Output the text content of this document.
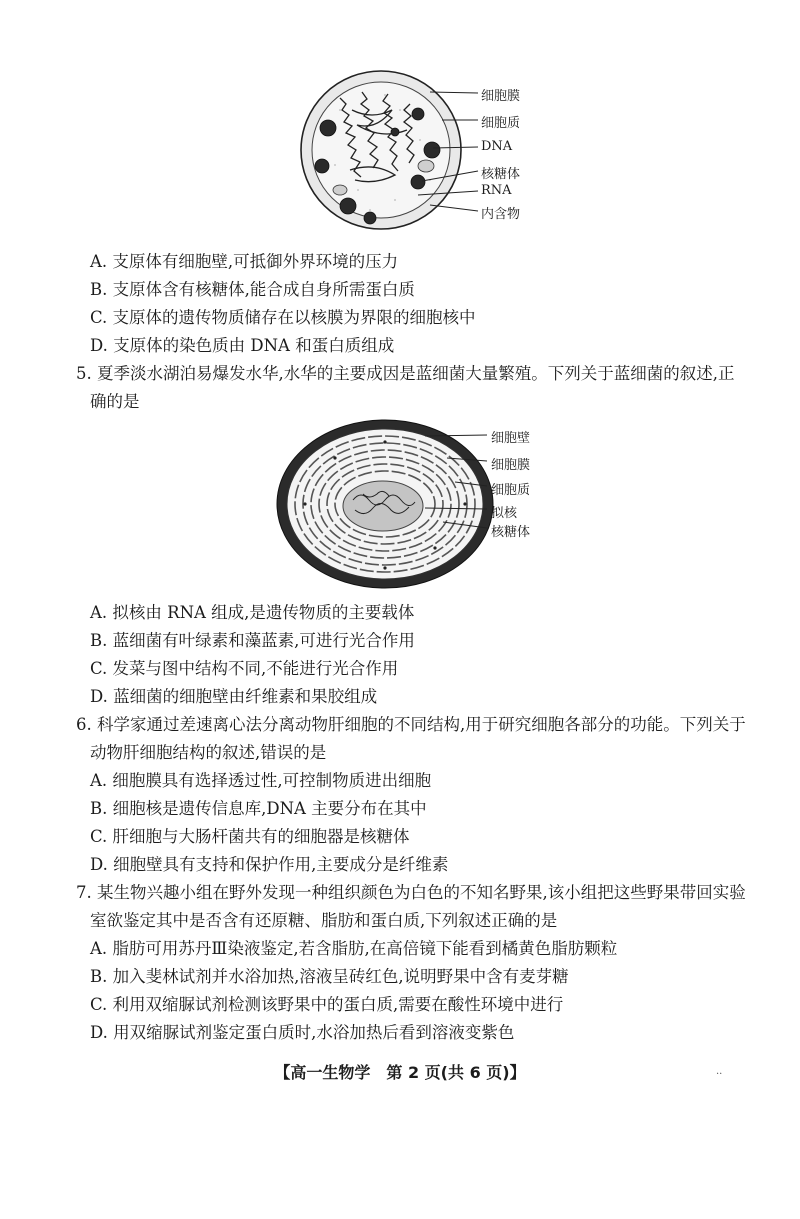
细胞膜
细胞质
DNA
核糖体
RNA
内含物
A. 支原体有细胞壁,可抵御外界环境的压力
B. 支原体含有核糖体,能合成自身所需蛋白质
C. 支原体的遗传物质储存在以核膜为界限的细胞核中
D. 支原体的染色质由 DNA 和蛋白质组成
5. 夏季淡水湖泊易爆发水华,水华的主要成因是蓝细菌大量繁殖。下列关于蓝细菌的叙述,正
确的是
细胞壁
细胞膜
细胞质
拟核
核糖体
A. 拟核由 RNA 组成,是遗传物质的主要载体
B. 蓝细菌有叶绿素和藻蓝素,可进行光合作用
C. 发菜与图中结构不同,不能进行光合作用
D. 蓝细菌的细胞壁由纤维素和果胶组成
6. 科学家通过差速离心法分离动物肝细胞的不同结构,用于研究细胞各部分的功能。下列关于
动物肝细胞结构的叙述,错误的是
A. 细胞膜具有选择透过性,可控制物质进出细胞
B. 细胞核是遗传信息库,DNA 主要分布在其中
C. 肝细胞与大肠杆菌共有的细胞器是核糖体
D. 细胞壁具有支持和保护作用,主要成分是纤维素
7. 某生物兴趣小组在野外发现一种组织颜色为白色的不知名野果,该小组把这些野果带回实验
室欲鉴定其中是否含有还原糖、脂肪和蛋白质,下列叙述正确的是
A. 脂肪可用苏丹Ⅲ染液鉴定,若含脂肪,在高倍镜下能看到橘黄色脂肪颗粒
B. 加入斐林试剂并水浴加热,溶液呈砖红色,说明野果中含有麦芽糖
C. 利用双缩脲试剂检测该野果中的蛋白质,需要在酸性环境中进行
D. 用双缩脲试剂鉴定蛋白质时,水浴加热后看到溶液变紫色
【高一生物学　第 2 页(共 6 页)】	..
